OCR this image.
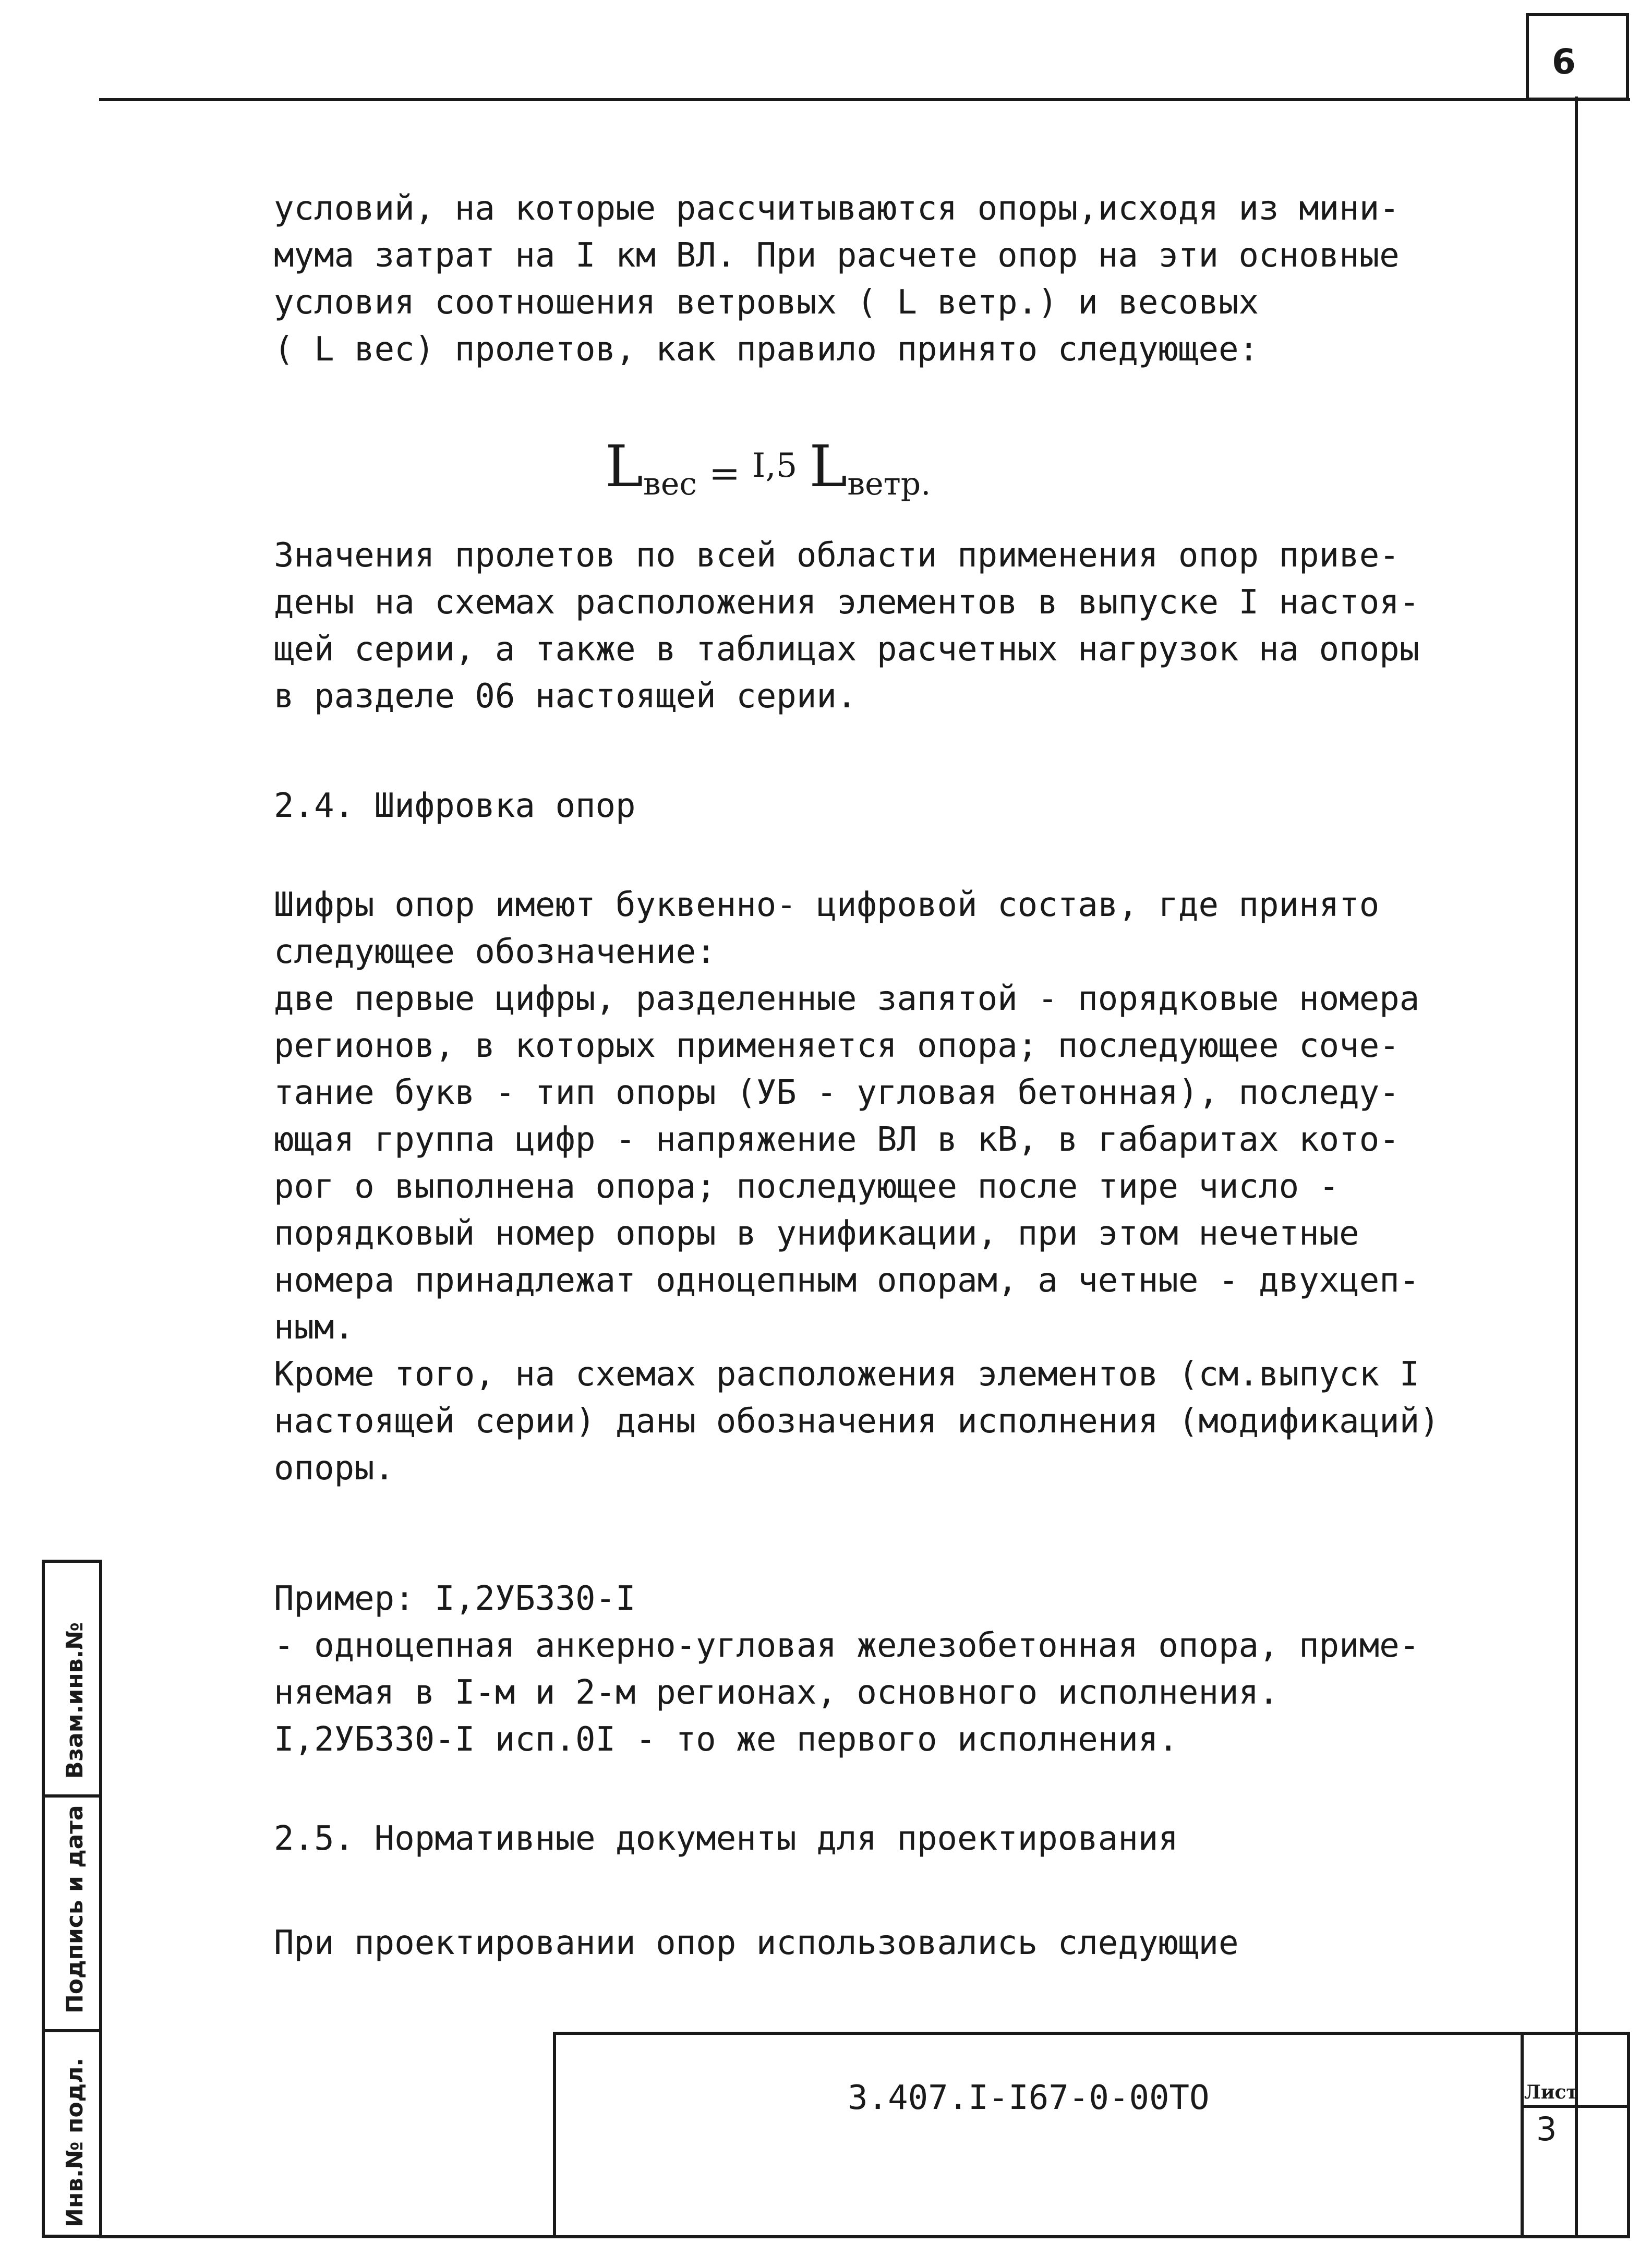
6
Взам.инв.№
Подпись и дата
Инв.№ подл.

условий, на которые рассчитываются опоры,исходя из мини-

мума затрат на I км ВЛ. При расчете опор на эти основные

условия соотношения ветровых ( L ветр.) и весовых

( L вес) пролетов, как правило принято следующее:

$L_{вес} = I,5$ $L_{ветр.}$

Значения пролетов по всей области применения опор приве-

дены на схемах расположения элементов в выпуске I настоя-

щей серии, а также в таблицах расчетных нагрузок на опоры

в разделе 06 настоящей серии.

2.4. Шифровка опор

Шифры опор имеют буквенно- цифровой состав, где принято

следующее обозначение:

две первые цифры, разделенные запятой - порядковые номера

регионов, в которых применяется опора; последующее соче-

тание букв - тип опоры (УБ - угловая бетонная), последу-

ющая группа цифр - напряжение ВЛ в кВ, в габаритах кото-

рог о выполнена опора; последующее после тире число -

порядковый номер опоры в унификации, при этом нечетные

номера принадлежат одноцепным опорам, а четные - двухцеп-

ным.

Кроме того, на схемах расположения элементов (см.выпуск I

настоящей серии) даны обозначения исполнения (модификаций)

опоры.

Пример: I,2УБ330-I

- одноцепная анкерно-угловая железобетонная опора, приме-

няемая в I-м и 2-м регионах, основного исполнения.

I,2УБ330-I исп.0I - то же первого исполнения.

2.5. Нормативные документы для проектирования

При проектировании опор использовались следующие

3.407.I-I67-0-00ТО	Лист
3
